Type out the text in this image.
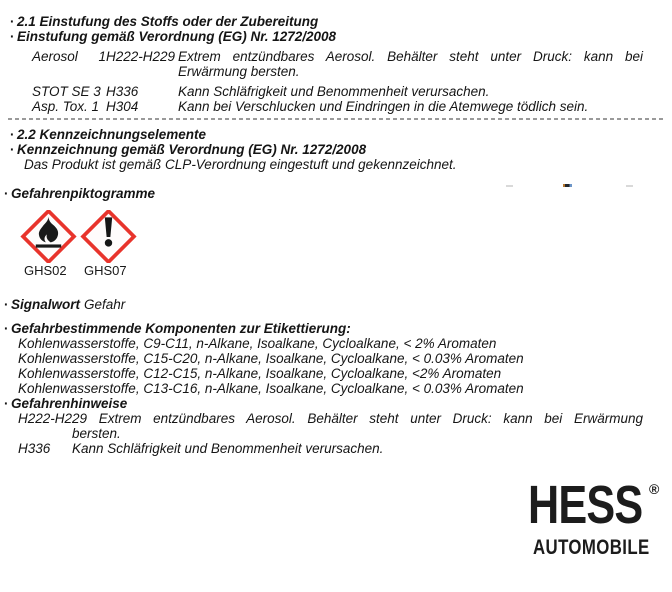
· 2.1 Einstufung des Stoffs oder der Zubereitung
· Einstufung gemäß Verordnung (EG) Nr. 1272/2008
Aerosol 1H222-H229 Extrem entzündbares Aerosol. Behälter steht unter Druck: kann bei
Erwärmung bersten.
STOT SE 3 H336	Kann Schläfrigkeit und Benommenheit verursachen.
Asp. Tox. 1 H304	Kann bei Verschlucken und Eindringen in die Atemwege tödlich sein.
· 2.2 Kennzeichnungselemente
· Kennzeichnung gemäß Verordnung (EG) Nr. 1272/2008
Das Produkt ist gemäß CLP-Verordnung eingestuft und gekennzeichnet.
· Gefahrenpiktogramme
GHS02 GHS07
· Signalwort Gefahr
· Gefahrbestimmende Komponenten zur Etikettierung:
Kohlenwasserstoffe, C9-C11, n-Alkane, Isoalkane, Cycloalkane, < 2% Aromaten
Kohlenwasserstoffe, C15-C20, n-Alkane, Isoalkane, Cycloalkane, < 0.03% Aromaten
Kohlenwasserstoffe, C12-C15, n-Alkane, Isoalkane, Cycloalkane, <2% Aromaten
Kohlenwasserstoffe, C13-C16, n-Alkane, Isoalkane, Cycloalkane, < 0.03% Aromaten
· Gefahrenhinweise
H222-H229 Extrem entzündbares Aerosol. Behälter steht unter Druck: kann bei Erwärmung
bersten.
H336 Kann Schläfrigkeit und Benommenheit verursachen.
HESS ®
AUTOMOBILE
